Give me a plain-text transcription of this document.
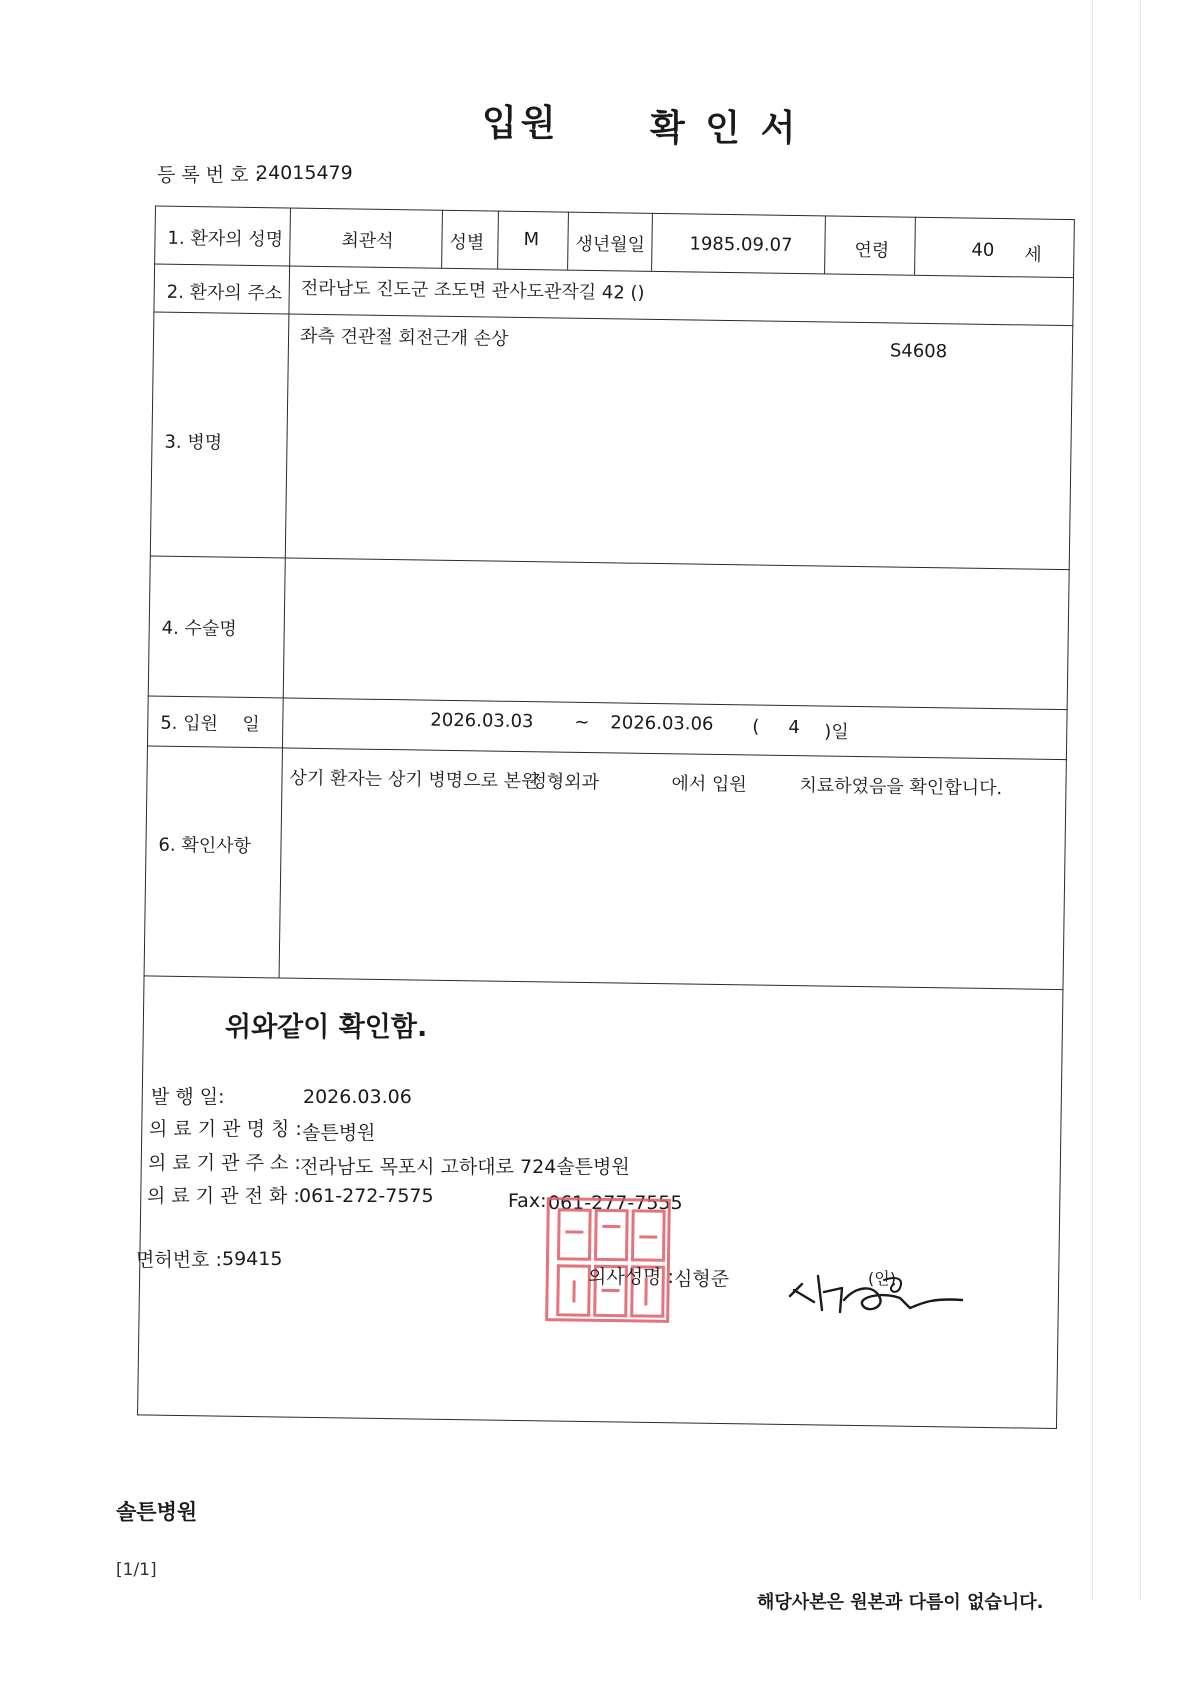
입원	확 인 서
등 록 번 호 :
24015479
1. 환자의 성명	최관석	성별 M 생년월일 1985.09.07	연령	40 세
2. 환자의 주소 전라남도 진도군 조도면 관사도관작길 42 ()
3. 병명
좌측 견관절 회전근개 손상
S4608
4. 수술명
5. 입원 일	2026.03.03 ~ 2026.03.06 ( 4 )일
6. 확인사항
상기 환자는 상기 병명으로 본원
정형외과	에서 입원	치료하였음을 확인합니다.
위와같이 확인함.
발 행 일:	2026.03.06
의 료 기 관 명 칭 : 솔튼병원
의 료 기 관 주 소 : 전라남도 목포시 고하대로 724솔튼병원
의 료 기 관 전 화 : 061-272-7575	Fax: 061-277-7555
면허번호 : 59415
의사성명 : 심형준	(인)
솔튼병원
[1/1]
해당사본은 원본과 다름이 없습니다.
